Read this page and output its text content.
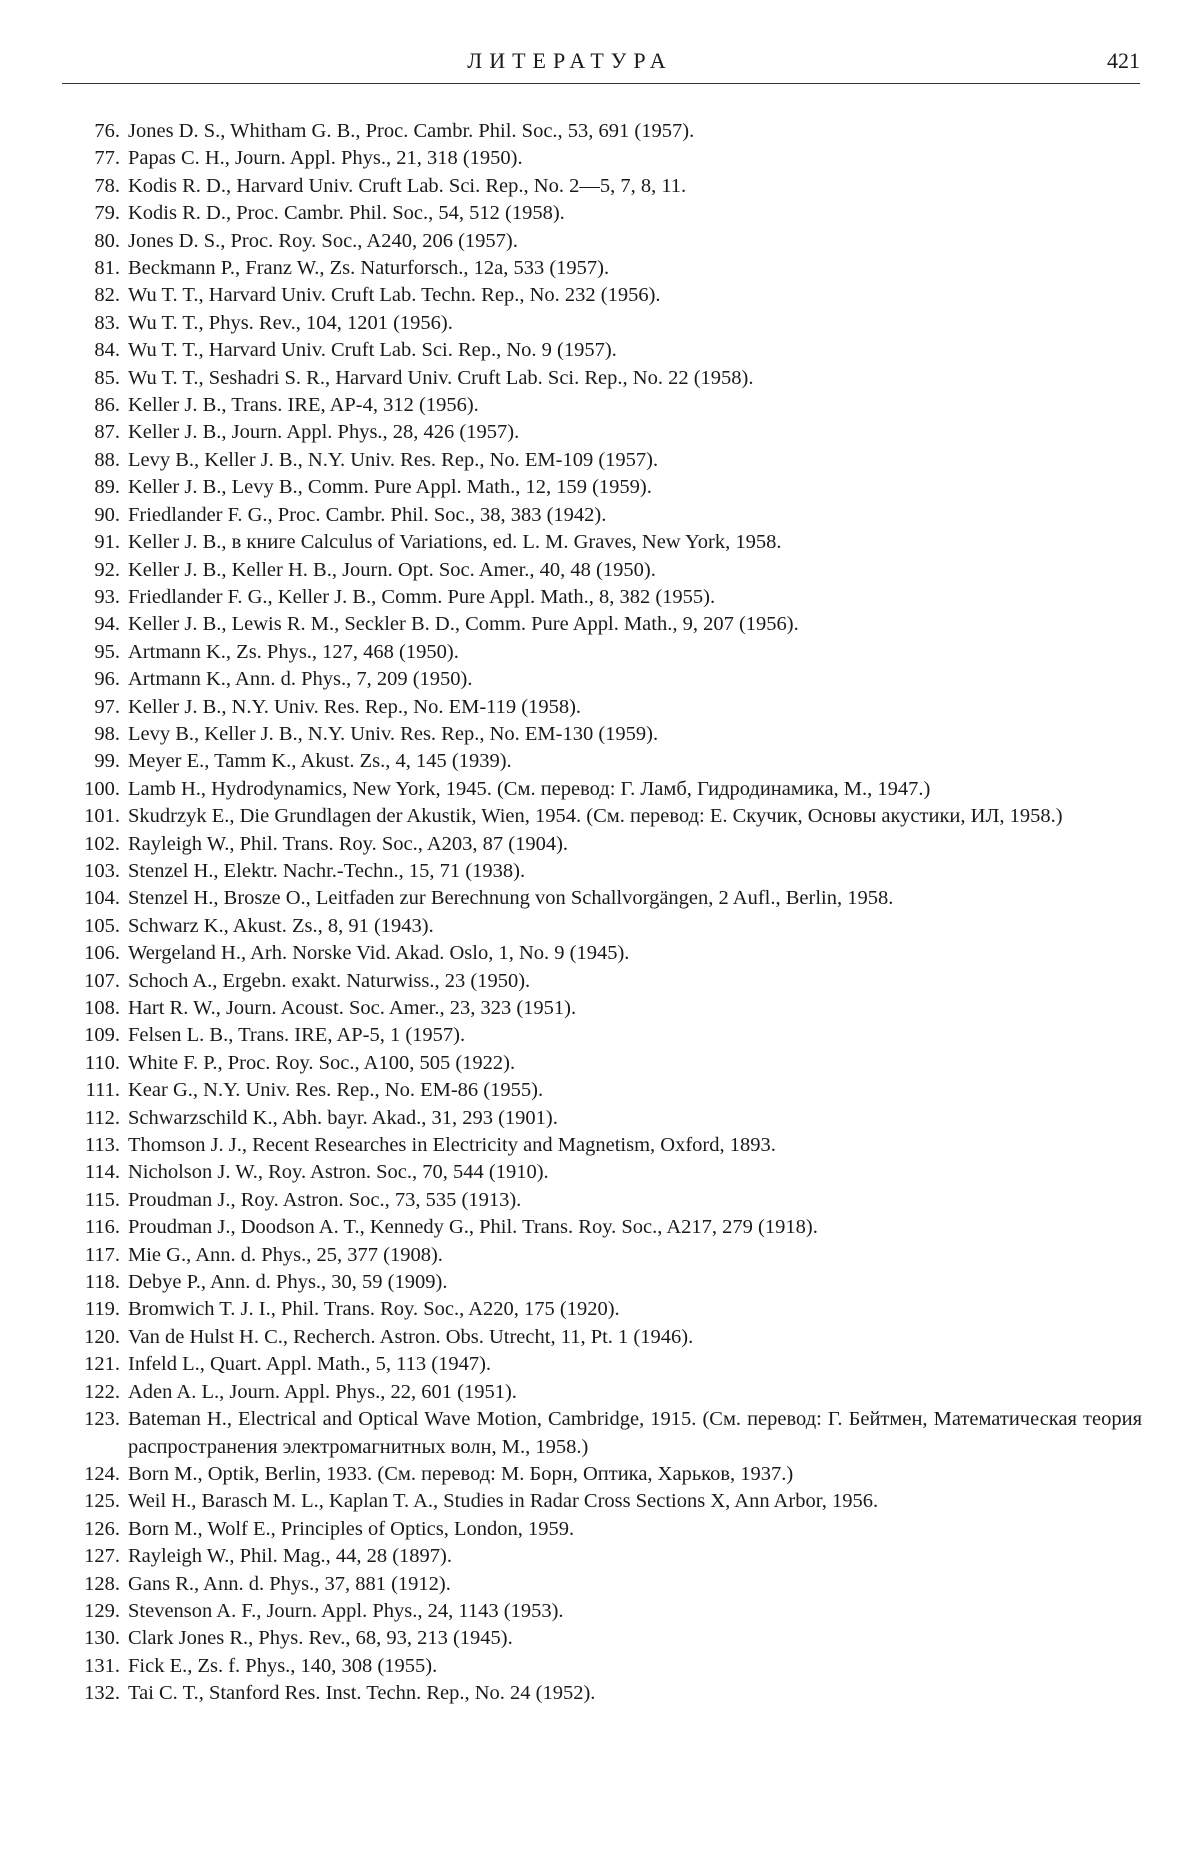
ЛИТЕРАТУРА	421
76. Jones D. S., Whitham G. B., Proc. Cambr. Phil. Soc., 53, 691 (1957).
77. Papas C. H., Journ. Appl. Phys., 21, 318 (1950).
78. Kodis R. D., Harvard Univ. Cruft Lab. Sci. Rep., No. 2—5, 7, 8, 11.
79. Kodis R. D., Proc. Cambr. Phil. Soc., 54, 512 (1958).
80. Jones D. S., Proc. Roy. Soc., A240, 206 (1957).
81. Beckmann P., Franz W., Zs. Naturforsch., 12a, 533 (1957).
82. Wu T. T., Harvard Univ. Cruft Lab. Techn. Rep., No. 232 (1956).
83. Wu T. T., Phys. Rev., 104, 1201 (1956).
84. Wu T. T., Harvard Univ. Cruft Lab. Sci. Rep., No. 9 (1957).
85. Wu T. T., Seshadri S. R., Harvard Univ. Cruft Lab. Sci. Rep., No. 22 (1958).
86. Keller J. B., Trans. IRE, AP-4, 312 (1956).
87. Keller J. B., Journ. Appl. Phys., 28, 426 (1957).
88. Levy B., Keller J. B., N.Y. Univ. Res. Rep., No. EM-109 (1957).
89. Keller J. B., Levy B., Comm. Pure Appl. Math., 12, 159 (1959).
90. Friedlander F. G., Proc. Cambr. Phil. Soc., 38, 383 (1942).
91. Keller J. B., в книге Calculus of Variations, ed. L. M. Graves, New York, 1958.
92. Keller J. B., Keller H. B., Journ. Opt. Soc. Amer., 40, 48 (1950).
93. Friedlander F. G., Keller J. B., Comm. Pure Appl. Math., 8, 382 (1955).
94. Keller J. B., Lewis R. M., Seckler B. D., Comm. Pure Appl. Math., 9, 207 (1956).
95. Artmann K., Zs. Phys., 127, 468 (1950).
96. Artmann K., Ann. d. Phys., 7, 209 (1950).
97. Keller J. B., N.Y. Univ. Res. Rep., No. EM-119 (1958).
98. Levy B., Keller J. B., N.Y. Univ. Res. Rep., No. EM-130 (1959).
99. Meyer E., Tamm K., Akust. Zs., 4, 145 (1939).
100. Lamb H., Hydrodynamics, New York, 1945. (См. перевод: Г. Ламб, Гидродинамика, М., 1947.)
101. Skudrzyk E., Die Grundlagen der Akustik, Wien, 1954. (См. перевод: Е. Скучик, Основы акустики, ИЛ, 1958.)
102. Rayleigh W., Phil. Trans. Roy. Soc., A203, 87 (1904).
103. Stenzel H., Elektr. Nachr.-Techn., 15, 71 (1938).
104. Stenzel H., Brosze O., Leitfaden zur Berechnung von Schallvorgängen, 2 Aufl., Berlin, 1958.
105. Schwarz K., Akust. Zs., 8, 91 (1943).
106. Wergeland H., Arh. Norske Vid. Akad. Oslo, 1, No. 9 (1945).
107. Schoch A., Ergebn. exakt. Naturwiss., 23 (1950).
108. Hart R. W., Journ. Acoust. Soc. Amer., 23, 323 (1951).
109. Felsen L. B., Trans. IRE, AP-5, 1 (1957).
110. White F. P., Proc. Roy. Soc., A100, 505 (1922).
111. Kear G., N.Y. Univ. Res. Rep., No. EM-86 (1955).
112. Schwarzschild K., Abh. bayr. Akad., 31, 293 (1901).
113. Thomson J. J., Recent Researches in Electricity and Magnetism, Oxford, 1893.
114. Nicholson J. W., Roy. Astron. Soc., 70, 544 (1910).
115. Proudman J., Roy. Astron. Soc., 73, 535 (1913).
116. Proudman J., Doodson A. T., Kennedy G., Phil. Trans. Roy. Soc., A217, 279 (1918).
117. Mie G., Ann. d. Phys., 25, 377 (1908).
118. Debye P., Ann. d. Phys., 30, 59 (1909).
119. Bromwich T. J. I., Phil. Trans. Roy. Soc., A220, 175 (1920).
120. Van de Hulst H. C., Recherch. Astron. Obs. Utrecht, 11, Pt. 1 (1946).
121. Infeld L., Quart. Appl. Math., 5, 113 (1947).
122. Aden A. L., Journ. Appl. Phys., 22, 601 (1951).
123. Bateman H., Electrical and Optical Wave Motion, Cambridge, 1915. (См. перевод: Г. Бейтмен, Математическая теория распространения электромагнитных волн, М., 1958.)
124. Born M., Optik, Berlin, 1933. (См. перевод: М. Борн, Оптика, Харьков, 1937.)
125. Weil H., Barasch M. L., Kaplan T. A., Studies in Radar Cross Sections X, Ann Arbor, 1956.
126. Born M., Wolf E., Principles of Optics, London, 1959.
127. Rayleigh W., Phil. Mag., 44, 28 (1897).
128. Gans R., Ann. d. Phys., 37, 881 (1912).
129. Stevenson A. F., Journ. Appl. Phys., 24, 1143 (1953).
130. Clark Jones R., Phys. Rev., 68, 93, 213 (1945).
131. Fick E., Zs. f. Phys., 140, 308 (1955).
132. Tai C. T., Stanford Res. Inst. Techn. Rep., No. 24 (1952).
